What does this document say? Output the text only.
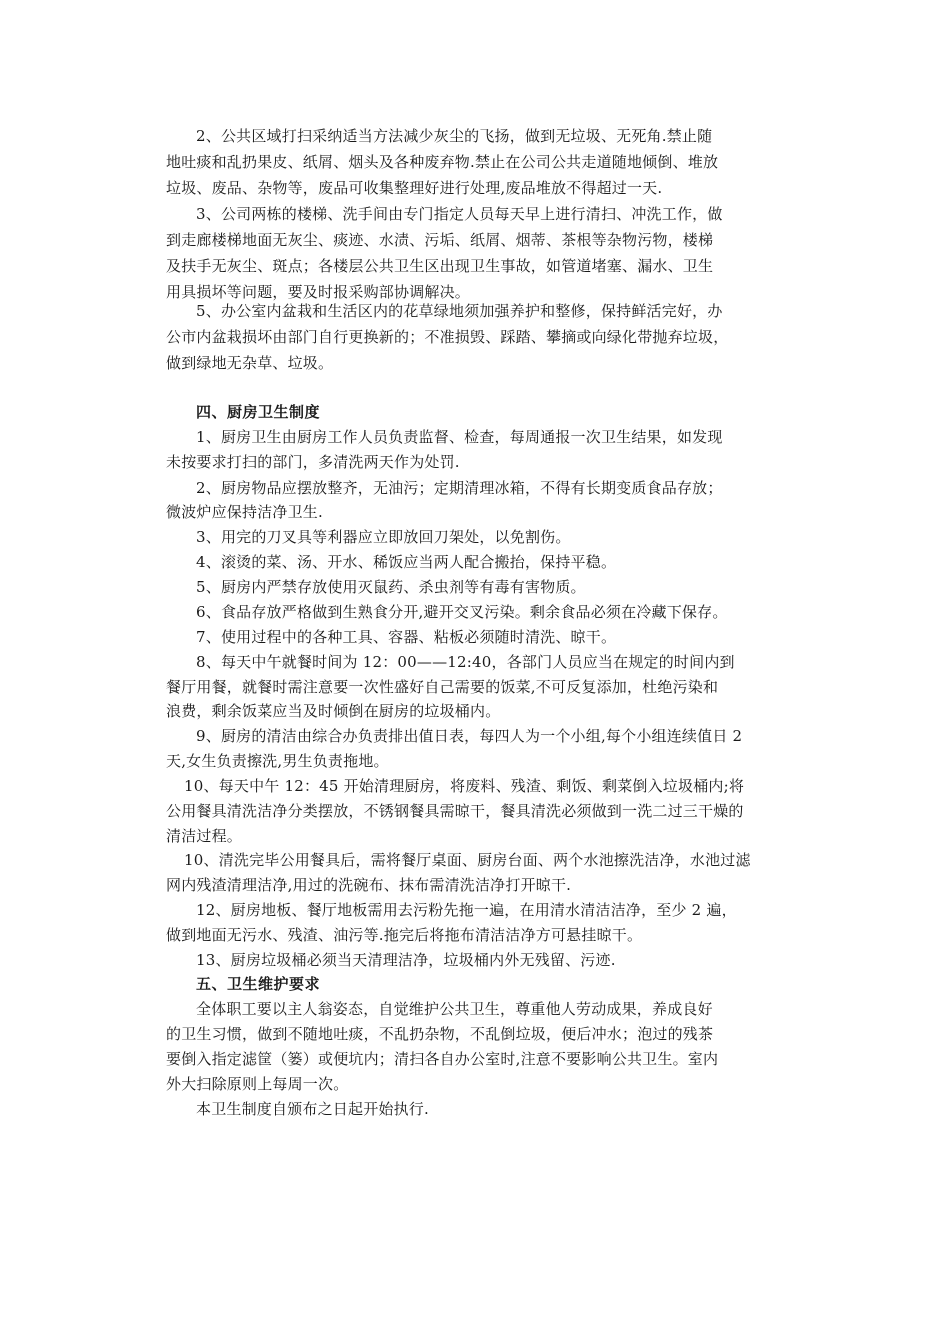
2、公共区域打扫采纳适当方法减少灰尘的飞扬，做到无垃圾、无死角.禁止随
地吐痰和乱扔果皮、纸屑、烟头及各种废弃物.禁止在公司公共走道随地倾倒、堆放
垃圾、废品、杂物等，废品可收集整理好进行处理,废品堆放不得超过一天.
3、公司两栋的楼梯、洗手间由专门指定人员每天早上进行清扫、冲洗工作，做
到走廊楼梯地面无灰尘、痰迹、水渍、污垢、纸屑、烟蒂、茶根等杂物污物，楼梯
及扶手无灰尘、斑点；各楼层公共卫生区出现卫生事故，如管道堵塞、漏水、卫生
用具损坏等问题，要及时报采购部协调解决。
5、办公室内盆栽和生活区内的花草绿地须加强养护和整修，保持鲜活完好，办
公市内盆栽损坏由部门自行更换新的；不准损毁、踩踏、攀摘或向绿化带抛弃垃圾，
做到绿地无杂草、垃圾。
四、厨房卫生制度
1、厨房卫生由厨房工作人员负责监督、检查，每周通报一次卫生结果，如发现
未按要求打扫的部门，多清洗两天作为处罚.
2、厨房物品应摆放整齐，无油污；定期清理冰箱，不得有长期变质食品存放；
微波炉应保持洁净卫生.
3、用完的刀叉具等利器应立即放回刀架处，以免割伤。
4、滚烫的菜、汤、开水、稀饭应当两人配合搬抬，保持平稳。
5、厨房内严禁存放使用灭鼠药、杀虫剂等有毒有害物质。
6、食品存放严格做到生熟食分开,避开交叉污染。剩余食品必须在冷藏下保存。
7、使用过程中的各种工具、容器、粘板必须随时清洗、晾干。
8、每天中午就餐时间为 12：00——12:40，各部门人员应当在规定的时间内到
餐厅用餐，就餐时需注意要一次性盛好自己需要的饭菜,不可反复添加，杜绝污染和
浪费，剩余饭菜应当及时倾倒在厨房的垃圾桶内。
9、厨房的清洁由综合办负责排出值日表，每四人为一个小组,每个小组连续值日 2
天,女生负责擦洗,男生负责拖地。
10、每天中午 12：45 开始清理厨房，将废料、残渣、剩饭、剩菜倒入垃圾桶内;将
公用餐具清洗洁净分类摆放，不锈钢餐具需晾干，餐具清洗必须做到一洗二过三干燥的
清洁过程。
10、清洗完毕公用餐具后，需将餐厅桌面、厨房台面、两个水池擦洗洁净，水池过滤
网内残渣清理洁净,用过的洗碗布、抹布需清洗洁净打开晾干.
12、厨房地板、餐厅地板需用去污粉先拖一遍，在用清水清洁洁净，至少 2 遍，
做到地面无污水、残渣、油污等.拖完后将拖布清洁洁净方可悬挂晾干。
13、厨房垃圾桶必须当天清理洁净，垃圾桶内外无残留、污迹.
五、卫生维护要求
全体职工要以主人翁姿态，自觉维护公共卫生，尊重他人劳动成果，养成良好
的卫生习惯，做到不随地吐痰，不乱扔杂物，不乱倒垃圾，便后冲水；泡过的残茶
要倒入指定滤筐（篓）或便坑内；清扫各自办公室时,注意不要影响公共卫生。室内
外大扫除原则上每周一次。
本卫生制度自颁布之日起开始执行.
